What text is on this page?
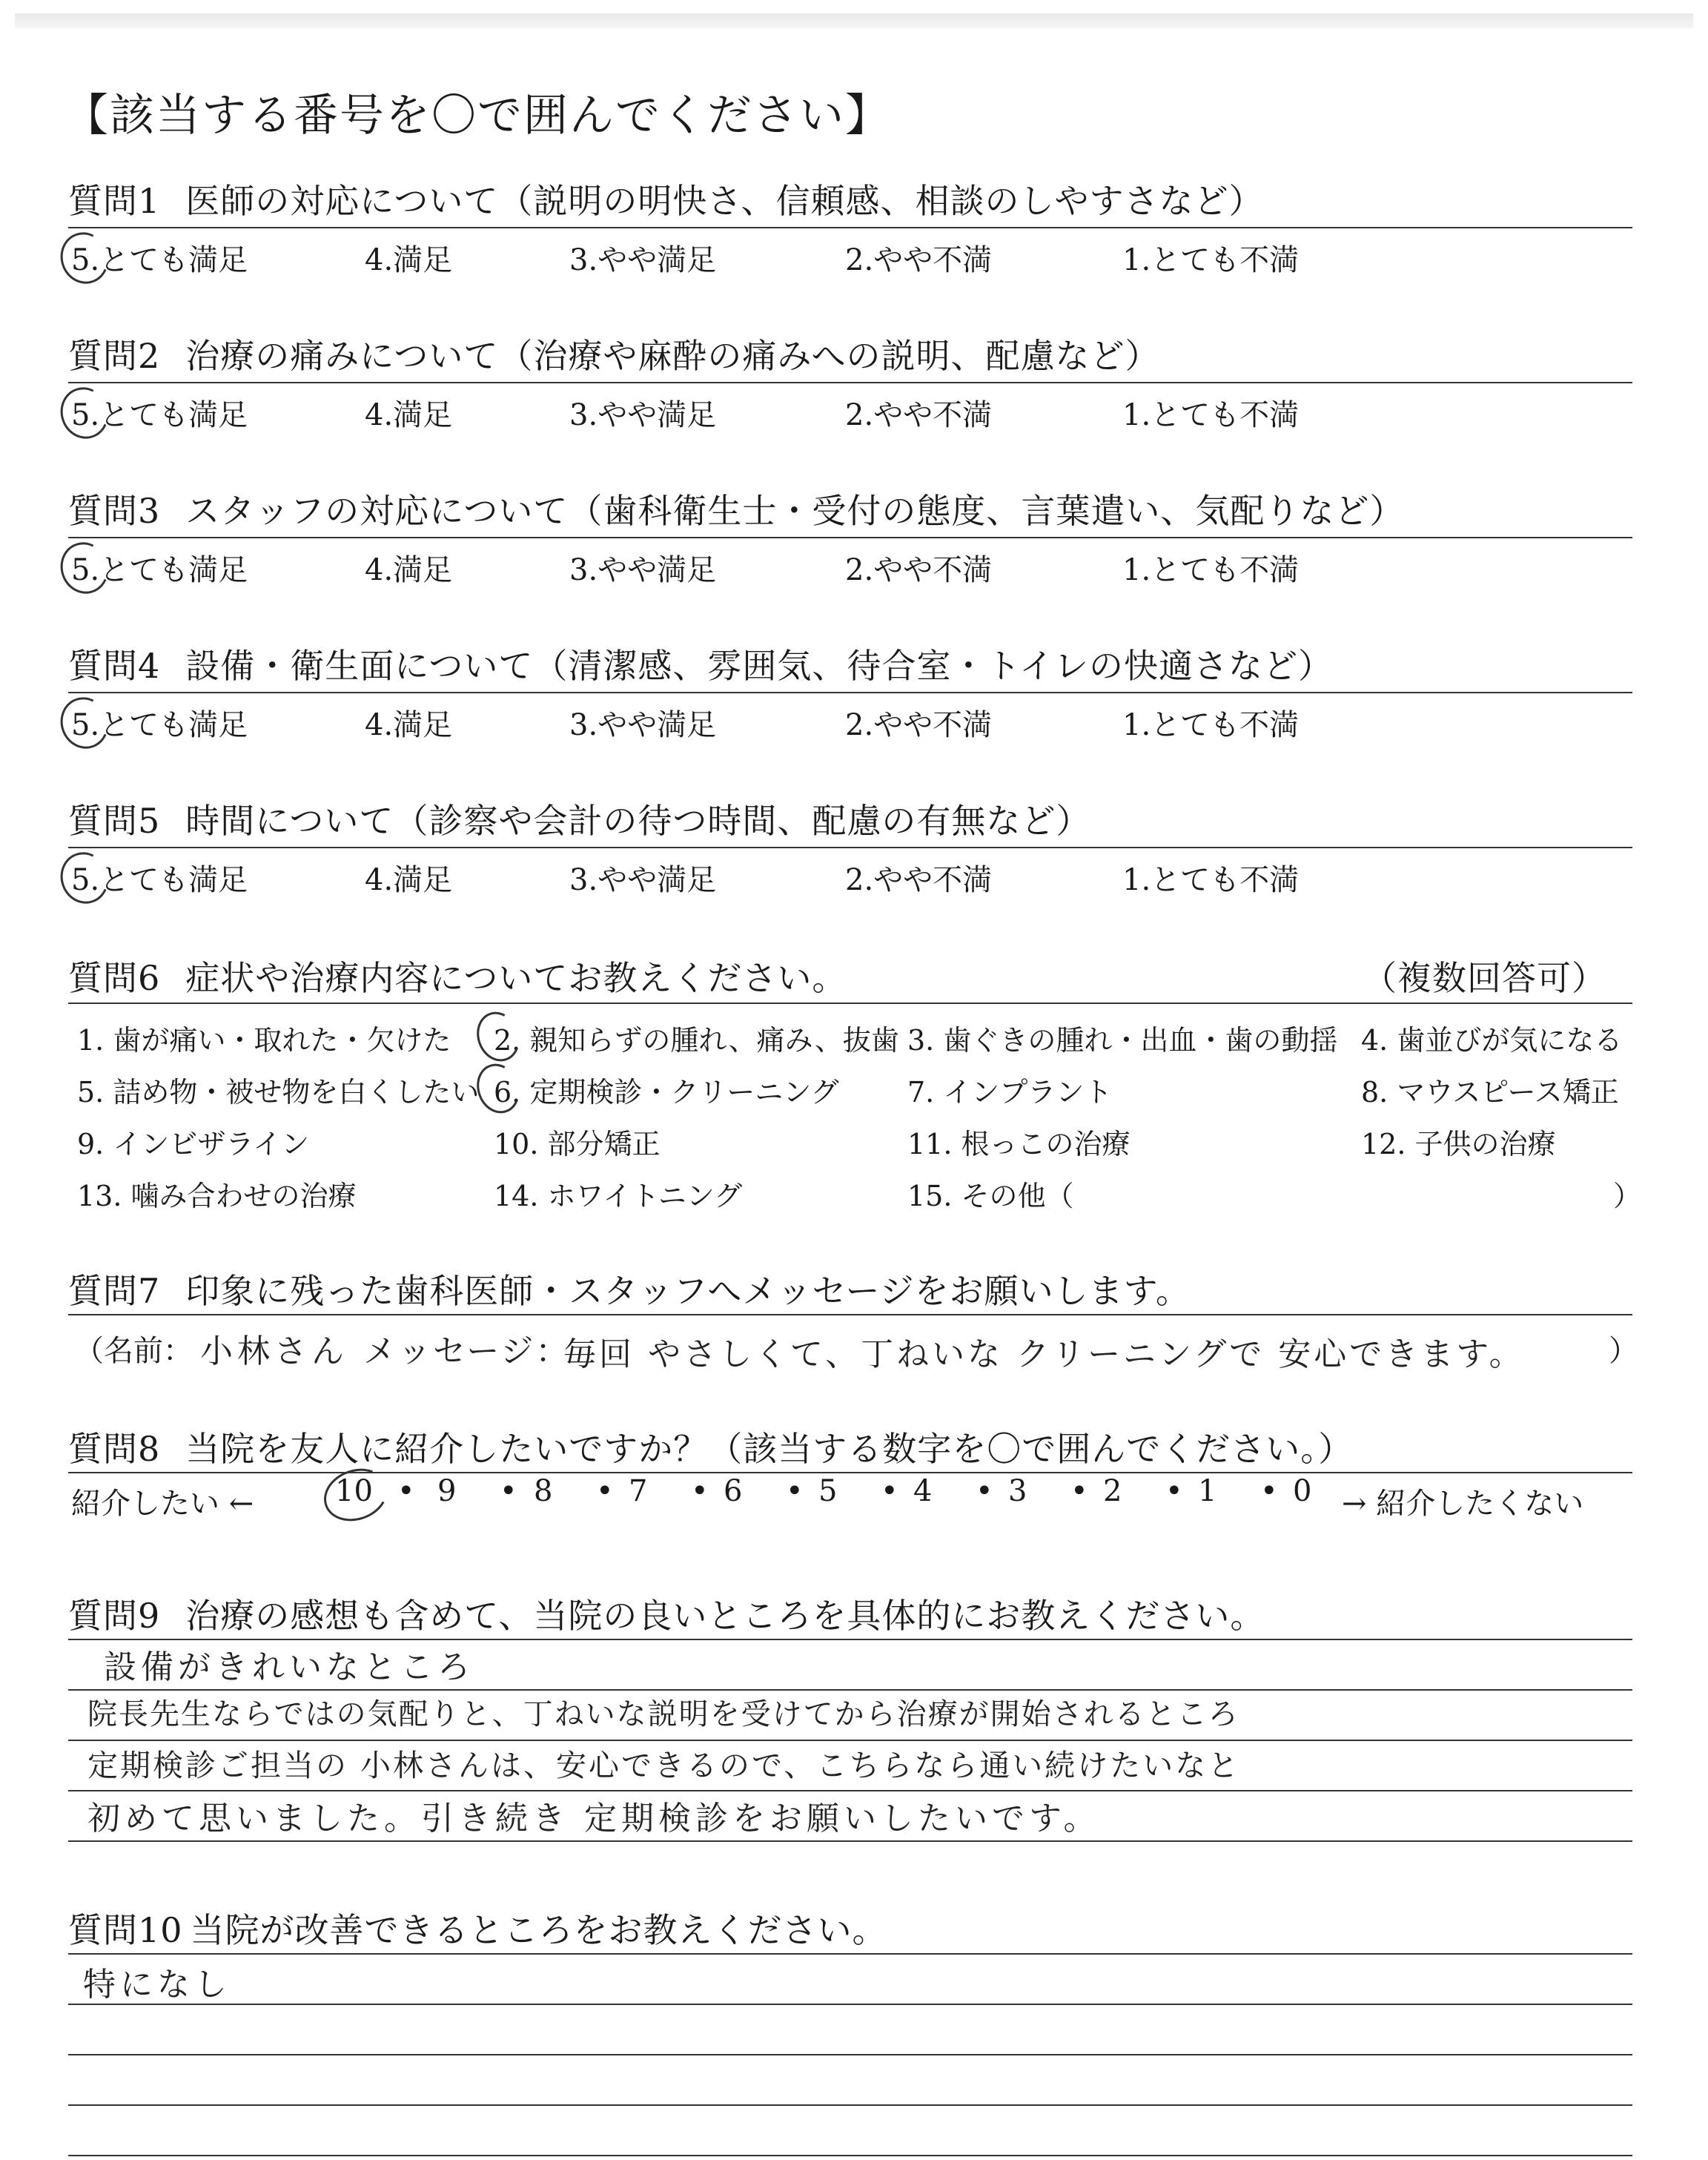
【該当する番号を〇で囲んでください】
質問1 医師の対応について（説明の明快さ、信頼感、相談のしやすさなど）
5.とても満足	4.満足	3.やや満足	2.やや不満	1.とても不満
質問2 治療の痛みについて（治療や麻酔の痛みへの説明、配慮など）
5.とても満足	4.満足	3.やや満足	2.やや不満	1.とても不満
質問3 スタッフの対応について（歯科衛生士・受付の態度、言葉遣い、気配りなど）
5.とても満足	4.満足	3.やや満足	2.やや不満	1.とても不満
質問4 設備・衛生面について（清潔感、雰囲気、待合室・トイレの快適さなど）
5.とても満足	4.満足	3.やや満足	2.やや不満	1.とても不満
質問5 時間について（診察や会計の待つ時間、配慮の有無など）
5.とても満足	4.満足	3.やや満足	2.やや不満	1.とても不満
質問6 症状や治療内容についてお教えください。	（複数回答可）
1. 歯が痛い・取れた・欠けた 2. 親知らずの腫れ、痛み、抜歯 3. 歯ぐきの腫れ・出血・歯の動揺 4. 歯並びが気になる
5. 詰め物・被せ物を白くしたい 6. 定期検診・クリーニング 7. インプラント	8. マウスピース矯正
9. インビザライン	10. 部分矯正	11. 根っこの治療	12. 子供の治療
13. 噛み合わせの治療	14. ホワイトニング	15. その他（	）
質問7 印象に残った歯科医師・スタッフへメッセージをお願いします。
（名前： 小林さん メッセージ：
毎回 やさしくて、丁ねいな クリーニングで 安心できます。	）
質問8 当院を友人に紹介したいですか？（該当する数字を〇で囲んでください。）
紹介したい ←	→ 紹介したくない
10 • 9 • 8 • 7 • 6 • 5 • 4 • 3 • 2 • 1 • 0
質問9 治療の感想も含めて、当院の良いところを具体的にお教えください。
設備がきれいなところ
院長先生ならではの気配りと、丁ねいな説明を受けてから治療が開始されるところ
定期検診ご担当の 小林さんは、安心できるので、こちらなら通い続けたいなと
初めて思いました。引き続き 定期検診をお願いしたいです。
質問10 当院が改善できるところをお教えください。
特になし
